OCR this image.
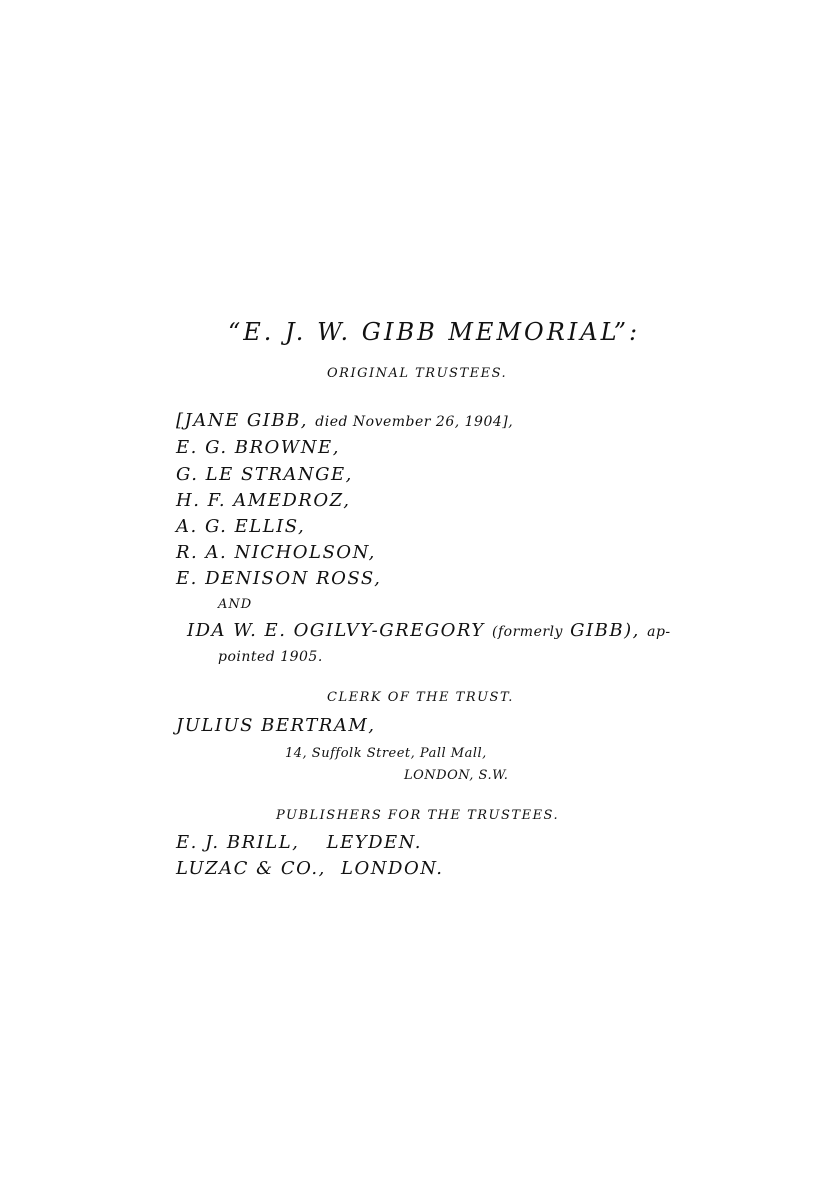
“E. J. W. GIBB MEMORIAL”:
ORIGINAL TRUSTEES.
[JANE GIBB, died November 26, 1904],
E. G. BROWNE,
G. LE STRANGE,
H. F. AMEDROZ,
A. G. ELLIS,
R. A. NICHOLSON,
E. DENISON ROSS,
AND
IDA W. E. OGILVY-GREGORY (formerly GIBB), ap-
pointed 1905.
CLERK OF THE TRUST.
JULIUS BERTRAM,
14, Suffolk Street, Pall Mall,
LONDON, S.W.
PUBLISHERS FOR THE TRUSTEES.
E. J. BRILL, LEYDEN.
LUZAC & CO., LONDON.
